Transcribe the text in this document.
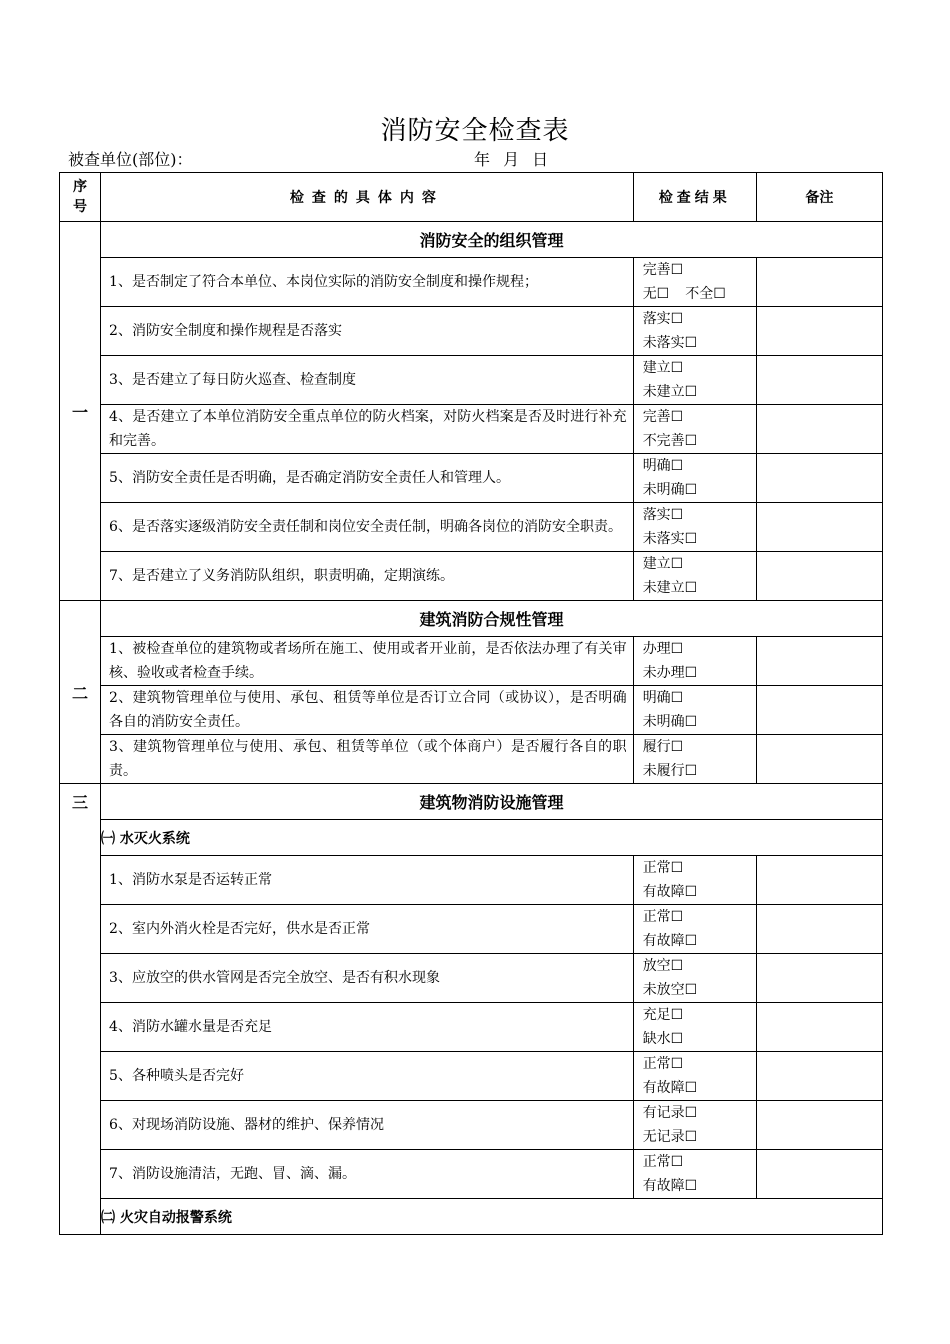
消防安全检查表
被查单位(部位)：	年 月 日
序
号	检查的具体内容	检查结果	备注
一	消防安全的组织管理		
	1、是否制定了符合本单位、本岗位实际的消防安全制度和操作规程；	完善☐
无☐ 不全☐	

	2、消防安全制度和操作规程是否落实	落实☐
未落实☐	

	3、是否建立了每日防火巡查、检查制度	建立☐
未建立☐	

	4、是否建立了本单位消防安全重点单位的防火档案，对防火档案是否及时进行补充和完善。	完善☐
不完善☐	

	5、消防安全责任是否明确，是否确定消防安全责任人和管理人。	明确☐
未明确☐	

	6、是否落实逐级消防安全责任制和岗位安全责任制，明确各岗位的消防安全职责。	落实☐
未落实☐	

	7、是否建立了义务消防队组织，职责明确，定期演练。	建立☐
未建立☐	

二	建筑消防合规性管理		
	1、被检查单位的建筑物或者场所在施工、使用或者开业前，是否依法办理了有关审核、验收或者检查手续。	办理☐
未办理☐	

	2、建筑物管理单位与使用、承包、租赁等单位是否订立合同（或协议），是否明确各自的消防安全责任。	明确☐
未明确☐	

	3、建筑物管理单位与使用、承包、租赁等单位（或个体商户）是否履行各自的职责。	履行☐
未履行☐	

三	建筑物消防设施管理		
	㈠ 水灭火系统		
	1、消防水泵是否运转正常	正常☐
有故障☐	

	2、室内外消火栓是否完好，供水是否正常	正常☐
有故障☐	

	3、应放空的供水管网是否完全放空、是否有积水现象	放空☐
未放空☐	

	4、消防水罐水量是否充足	充足☐
缺水☐	

	5、各种喷头是否完好	正常☐
有故障☐	

	6、对现场消防设施、器材的维护、保养情况	有记录☐
无记录☐	

	7、消防设施清洁，无跑、冒、滴、漏。	正常☐
有故障☐	

	㈡ 火灾自动报警系统		
